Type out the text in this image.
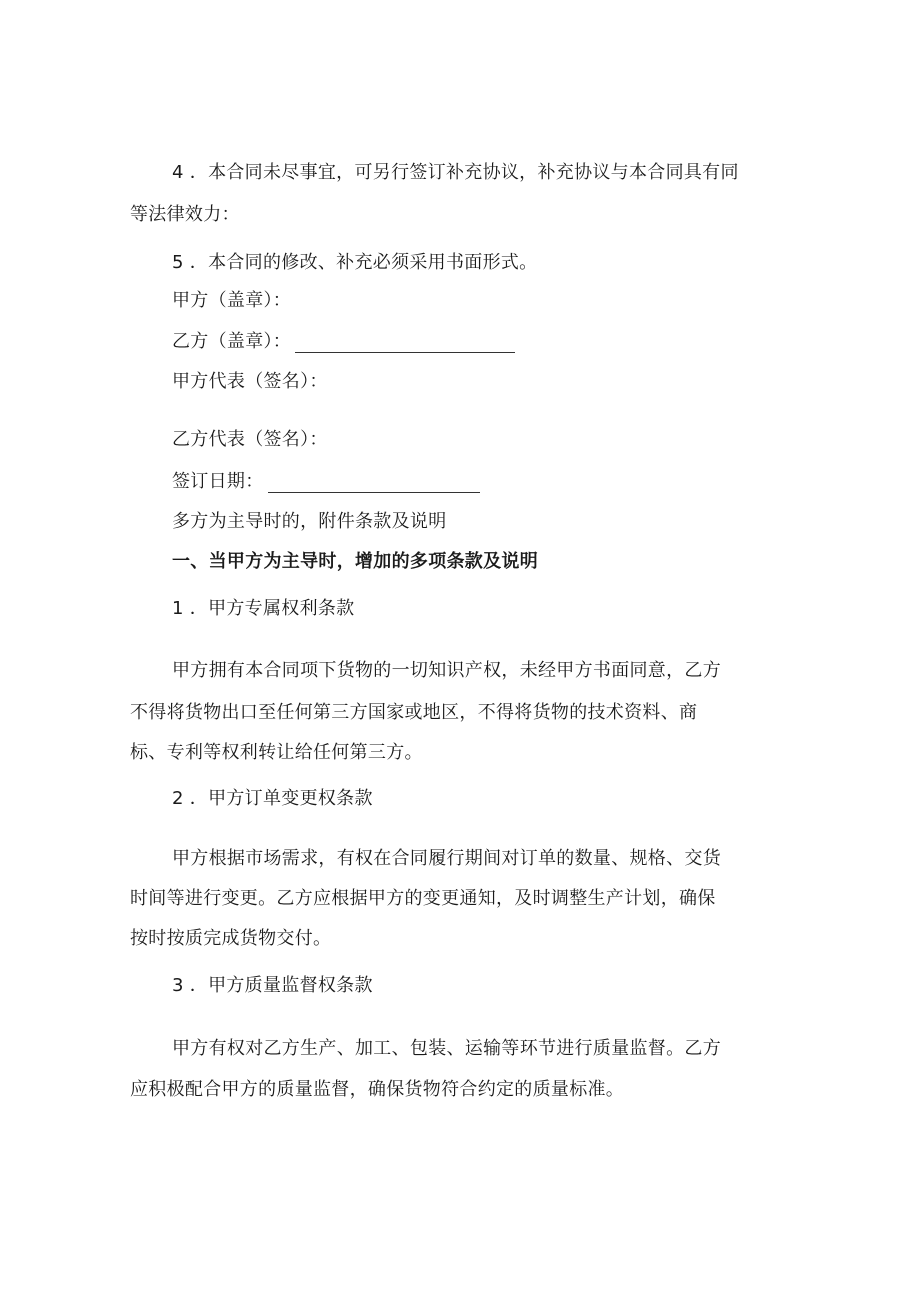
4 ．本合同未尽事宜，可另行签订补充协议，补充协议与本合同具有同
等法律效力：
5 ．本合同的修改、补充必须采用书面形式。
甲方（盖章）：
乙方（盖章）：
甲方代表（签名）：
乙方代表（签名）：
签订日期：
多方为主导时的，附件条款及说明
一、当甲方为主导时，增加的多项条款及说明
1 ．甲方专属权利条款
甲方拥有本合同项下货物的一切知识产权，未经甲方书面同意，乙方
不得将货物出口至任何第三方国家或地区，不得将货物的技术资料、商
标、专利等权利转让给任何第三方。
2 ．甲方订单变更权条款
甲方根据市场需求，有权在合同履行期间对订单的数量、规格、交货
时间等进行变更。乙方应根据甲方的变更通知，及时调整生产计划，确保
按时按质完成货物交付。
3 ．甲方质量监督权条款
甲方有权对乙方生产、加工、包装、运输等环节进行质量监督。乙方
应积极配合甲方的质量监督，确保货物符合约定的质量标准。
